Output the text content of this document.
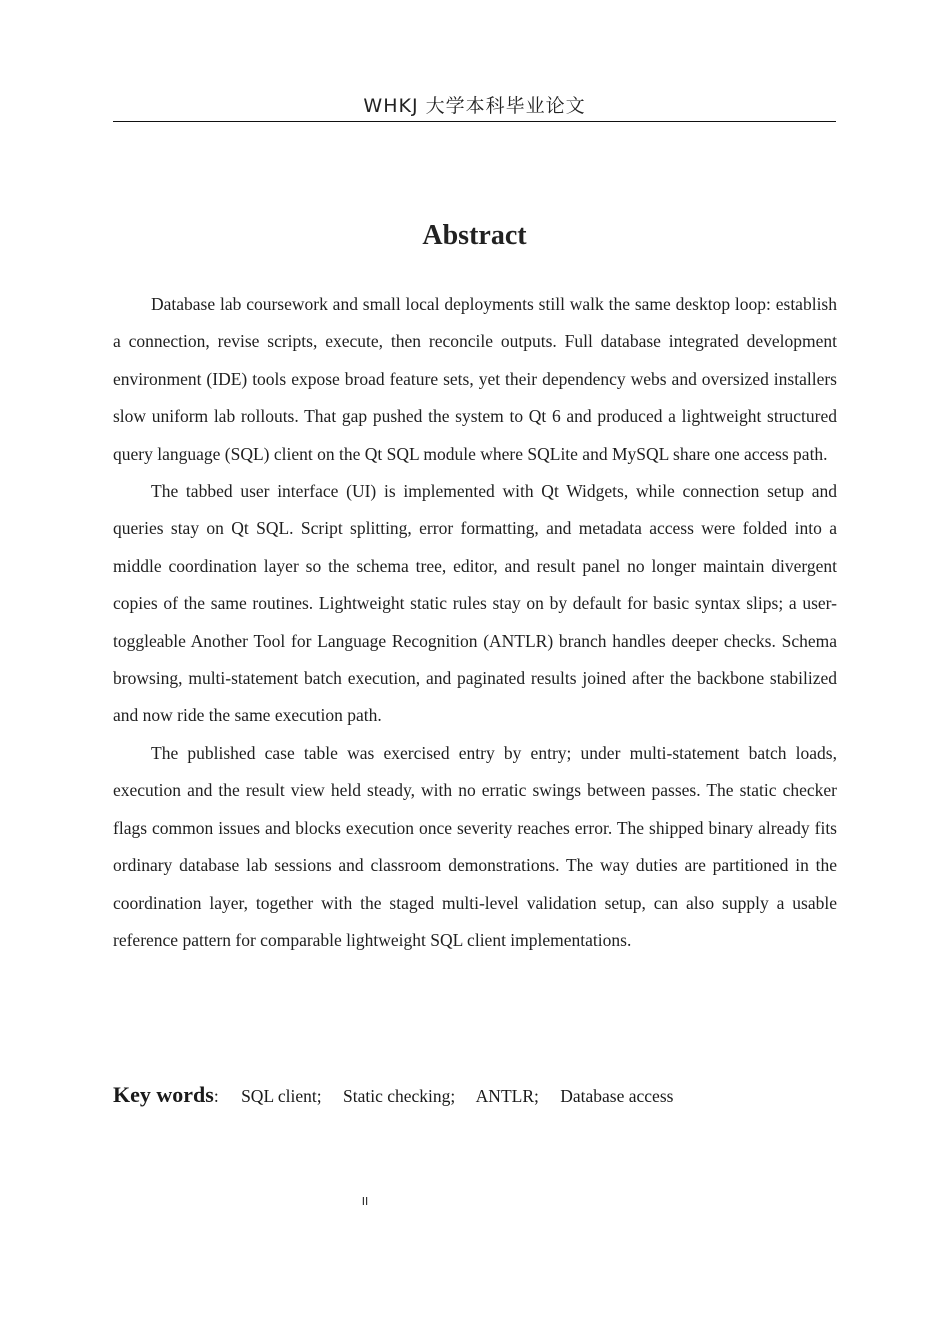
WHKJ 大学本科毕业论文
Abstract

Database lab coursework and small local deployments still walk the same desktop loop: establish a connection, revise scripts, execute, then reconcile outputs. Full database integrated development environment (IDE) tools expose broad feature sets, yet their dependency webs and oversized installers slow uniform lab rollouts. That gap pushed the system to Qt 6 and produced a lightweight structured query language (SQL) client on the Qt SQL module where SQLite and MySQL share one access path.

The tabbed user interface (UI) is implemented with Qt Widgets, while connection setup and queries stay on Qt SQL. Script splitting, error formatting, and metadata access were folded into a middle coordination layer so the schema tree, editor, and result panel no longer maintain divergent copies of the same routines. Lightweight static rules stay on by default for basic syntax slips; a user-toggleable Another Tool for Language Recognition (ANTLR) branch handles deeper checks. Schema browsing, multi-statement batch execution, and paginated results joined after the backbone stabilized and now ride the same execution path.

The published case table was exercised entry by entry; under multi-statement batch loads, execution and the result view held steady, with no erratic swings between passes. The static checker flags common issues and blocks execution once severity reaches error. The shipped binary already fits ordinary database lab sessions and classroom demonstrations. The way duties are partitioned in the coordination layer, together with the staged multi-level validation setup, can also supply a usable reference pattern for comparable lightweight SQL client implementations.

Key words: SQL client; Static checking; ANTLR; Database access
II
